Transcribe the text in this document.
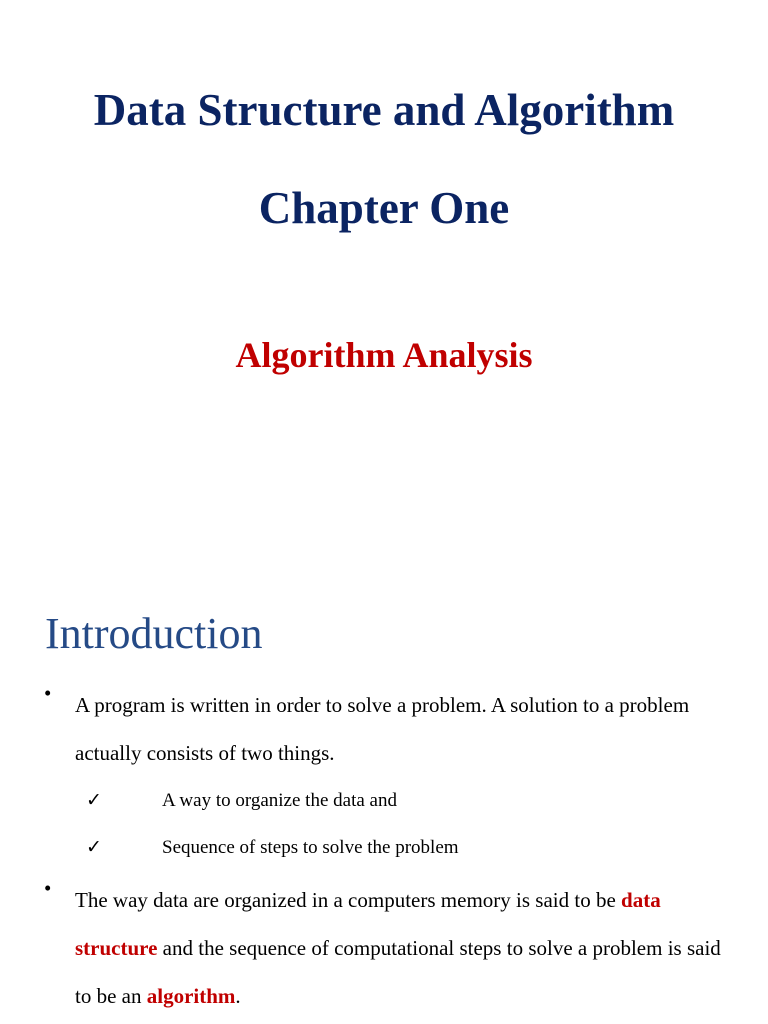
Data Structure and Algorithm
Chapter One
Algorithm Analysis
Introduction
• A program is written in order to solve a problem. A solution to a problem actually consists of two things.
✓	A way to organize the data and
✓	Sequence of steps to solve the problem
• The way data are organized in a computers memory is said to be data structure and the sequence of computational steps to solve a problem is said to be an algorithm.
